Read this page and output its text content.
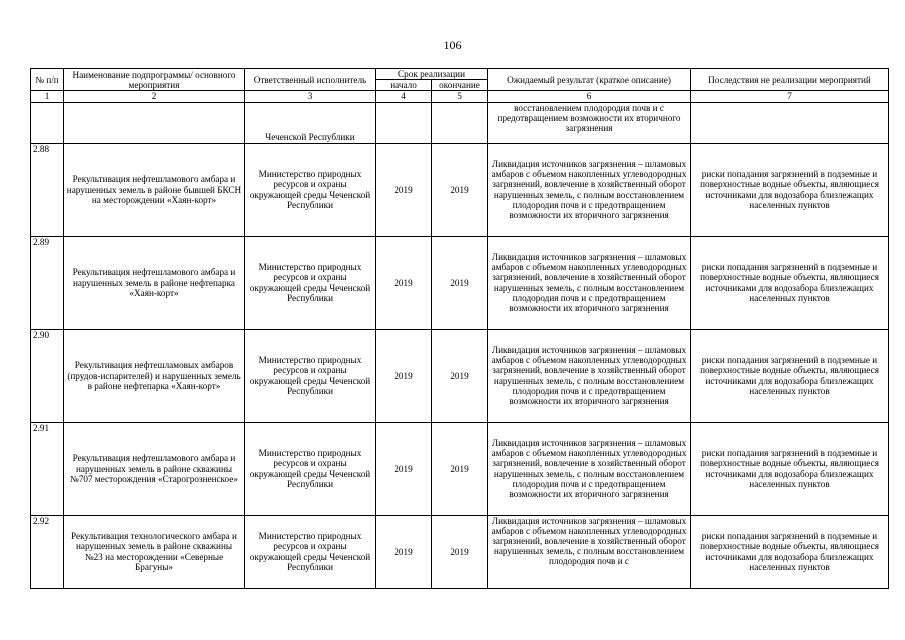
106
№ п/п	Наименование подпрограммы/ основного мероприятия	Ответственный исполнитель	Срок реализации		Ожидаемый результат (краткое описание)	Последствия не реализации мероприятий
			начало	окончание		
1	2	3	4	5	6	7
		Чеченской Республики			восстановлением плодородия почв и с предотвращением возможности их вторичного загрязнения	
2.88	Рекультивация нефтешламового амбара и нарушенных земель в районе бывшей БКСН на месторождении «Хаян-корт»	Министерство природных ресурсов и охраны окружающей среды Чеченской Республики	2019	2019	Ликвидация источников загрязнения – шламовых амбаров с объемом накопленных углеводородных загрязнений, вовлечение в хозяйственный оборот нарушенных земель, с полным восстановлением плодородия почв и с предотвращением возможности их вторичного загрязнения	риски попадания загрязнений в подземные и поверхностные водные объекты, являющиеся источниками для водозабора близлежащих населенных пунктов
2.89	Рекультивация нефтешламового амбара и нарушенных земель в районе нефтепарка «Хаян-корт»	Министерство природных ресурсов и охраны окружающей среды Чеченской Республики	2019	2019	Ликвидация источников загрязнения – шламовых амбаров с объемом накопленных углеводородных загрязнений, вовлечение в хозяйственный оборот нарушенных земель, с полным восстановлением плодородия почв и с предотвращением возможности их вторичного загрязнения	риски попадания загрязнений в подземные и поверхностные водные объекты, являющиеся источниками для водозабора близлежащих населенных пунктов
2.90	Рекультивация нефтешламовых амбаров (прудов-испарителей) и нарушенных земель в районе нефтепарка «Хаян-корт»	Министерство природных ресурсов и охраны окружающей среды Чеченской Республики	2019	2019	Ликвидация источников загрязнения – шламовых амбаров с объемом накопленных углеводородных загрязнений, вовлечение в хозяйственный оборот нарушенных земель, с полным восстановлением плодородия почв и с предотвращением возможности их вторичного загрязнения	риски попадания загрязнений в подземные и поверхностные водные объекты, являющиеся источниками для водозабора близлежащих населенных пунктов
2.91	Рекультивация нефтешламового амбара и нарушенных земель в районе скважины №707 месторождения «Старогрозненское»	Министерство природных ресурсов и охраны окружающей среды Чеченской Республики	2019	2019	Ликвидация источников загрязнения – шламовых амбаров с объемом накопленных углеводородных загрязнений, вовлечение в хозяйственный оборот нарушенных земель, с полным восстановлением плодородия почв и с предотвращением возможности их вторичного загрязнения	риски попадания загрязнений в подземные и поверхностные водные объекты, являющиеся источниками для водозабора близлежащих населенных пунктов
2.92	Рекультивация технологического амбара и нарушенных земель в районе скважины №23 на месторождении «Северные Брагуны»	Министерство природных ресурсов и охраны окружающей среды Чеченской Республики	2019	2019	Ликвидация источников загрязнения – шламовых амбаров с объемом накопленных углеводородных загрязнений, вовлечение в хозяйственный оборот нарушенных земель, с полным восстановлением плодородия почв и с	риски попадания загрязнений в подземные и поверхностные водные объекты, являющиеся источниками для водозабора близлежащих населенных пунктов
